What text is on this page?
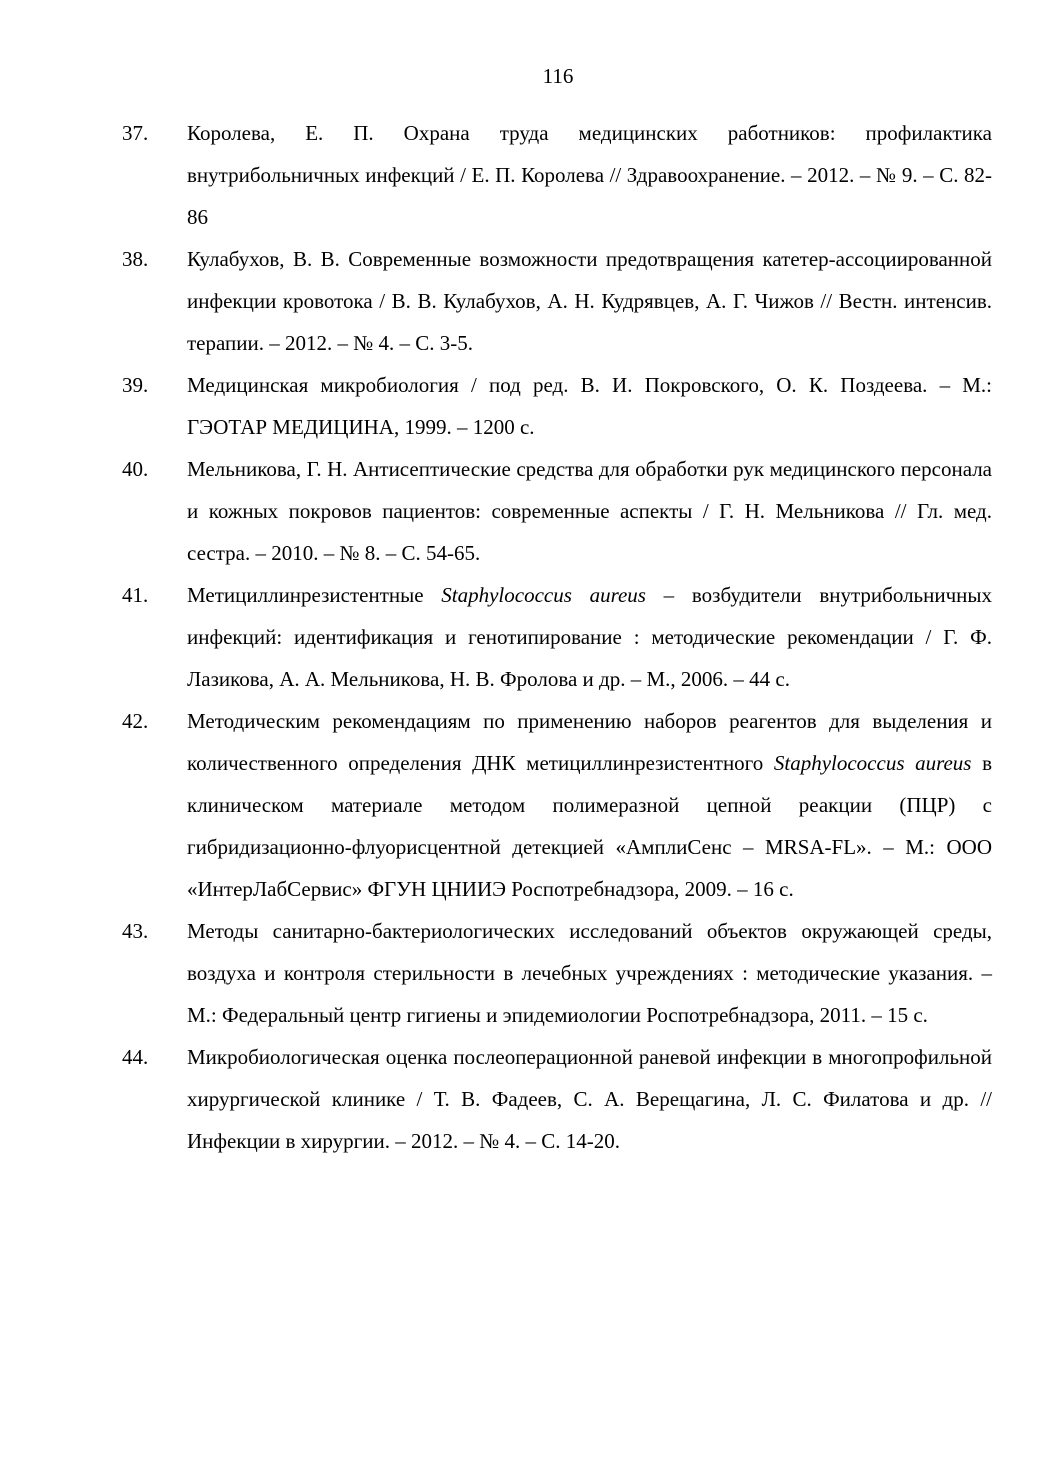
116
37. Королева, Е. П. Охрана труда медицинских работников: профилактика внутрибольничных инфекций / Е. П. Королева // Здравоохранение. – 2012. – № 9. – С. 82-86
38. Кулабухов, В. В. Современные возможности предотвращения катетер-ассоциированной инфекции кровотока / В. В. Кулабухов, А. Н. Кудрявцев, А. Г. Чижов // Вестн. интенсив. терапии. – 2012. – № 4. – С. 3-5.
39. Медицинская микробиология / под ред. В. И. Покровского, О. К. Поздеева. – М.: ГЭОТАР МЕДИЦИНА, 1999. – 1200 с.
40. Мельникова, Г. Н. Антисептические средства для обработки рук медицинского персонала и кожных покровов пациентов: современные аспекты / Г. Н. Мельникова // Гл. мед. сестра. – 2010. – № 8. – С. 54-65.
41. Метициллинрезистентные Staphylococcus aureus – возбудители внутрибольничных инфекций: идентификация и генотипирование : методические рекомендации / Г. Ф. Лазикова, А. А. Мельникова, Н. В. Фролова и др. – М., 2006. – 44 с.
42. Методическим рекомендациям по применению наборов реагентов для выделения и количественного определения ДНК метициллинрезистентного Staphylococcus aureus в клиническом материале методом полимеразной цепной реакции (ПЦР) с гибридизационно-флуорисцентной детекцией «АмплиСенс – MRSA-FL». – М.: ООО «ИнтерЛабСервис» ФГУН ЦНИИЭ Роспотребнадзора, 2009. – 16 с.
43. Методы санитарно-бактериологических исследований объектов окружающей среды, воздуха и контроля стерильности в лечебных учреждениях : методические указания. – М.: Федеральный центр гигиены и эпидемиологии Роспотребнадзора, 2011. – 15 с.
44. Микробиологическая оценка послеоперационной раневой инфекции в многопрофильной хирургической клинике / Т. В. Фадеев, С. А. Верещагина, Л. С. Филатова и др. // Инфекции в хирургии. – 2012. – № 4. – С. 14-20.
